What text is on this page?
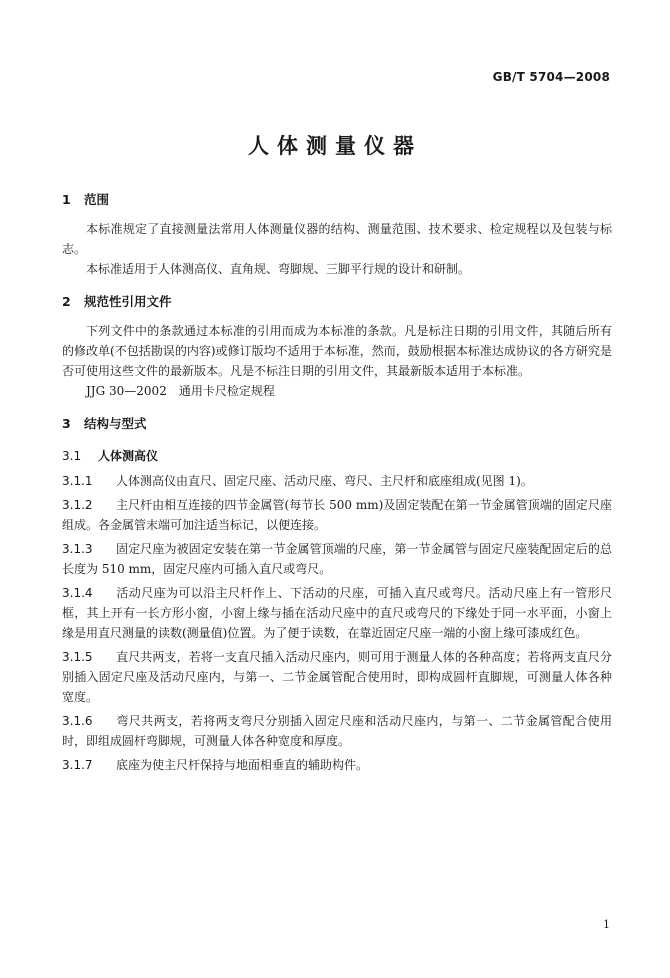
GB/T 5704—2008
人体测量仪器
1 范围

本标准规定了直接测量法常用人体测量仪器的结构、测量范围、技术要求、检定规程以及包装与标志。

本标准适用于人体测高仪、直角规、弯脚规、三脚平行规的设计和研制。

2 规范性引用文件

下列文件中的条款通过本标准的引用而成为本标准的条款。凡是标注日期的引用文件，其随后所有的修改单(不包括勘误的内容)或修订版均不适用于本标准，然而，鼓励根据本标准达成协议的各方研究是否可使用这些文件的最新版本。凡是不标注日期的引用文件，其最新版本适用于本标准。

JJG 30—2002　通用卡尺检定规程

3 结构与型式
3.1 人体测高仪

3.1.1 人体测高仪由直尺、固定尺座、活动尺座、弯尺、主尺杆和底座组成(见图 1)。

3.1.2 主尺杆由相互连接的四节金属管(每节长 500 mm)及固定装配在第一节金属管顶端的固定尺座组成。各金属管末端可加注适当标记，以便连接。

3.1.3 固定尺座为被固定安装在第一节金属管顶端的尺座，第一节金属管与固定尺座装配固定后的总长度为 510 mm，固定尺座内可插入直尺或弯尺。

3.1.4 活动尺座为可以沿主尺杆作上、下活动的尺座，可插入直尺或弯尺。活动尺座上有一管形尺框，其上开有一长方形小窗，小窗上缘与插在活动尺座中的直尺或弯尺的下缘处于同一水平面，小窗上缘是用直尺测量的读数(测量值)位置。为了便于读数，在靠近固定尺座一端的小窗上缘可漆成红色。

3.1.5 直尺共两支，若将一支直尺插入活动尺座内，则可用于测量人体的各种高度；若将两支直尺分别插入固定尺座及活动尺座内，与第一、二节金属管配合使用时，即构成圆杆直脚规，可测量人体各种宽度。

3.1.6 弯尺共两支，若将两支弯尺分别插入固定尺座和活动尺座内，与第一、二节金属管配合使用时，即组成圆杆弯脚规，可测量人体各种宽度和厚度。

3.1.7 底座为使主尺杆保持与地面相垂直的辅助构件。

1
